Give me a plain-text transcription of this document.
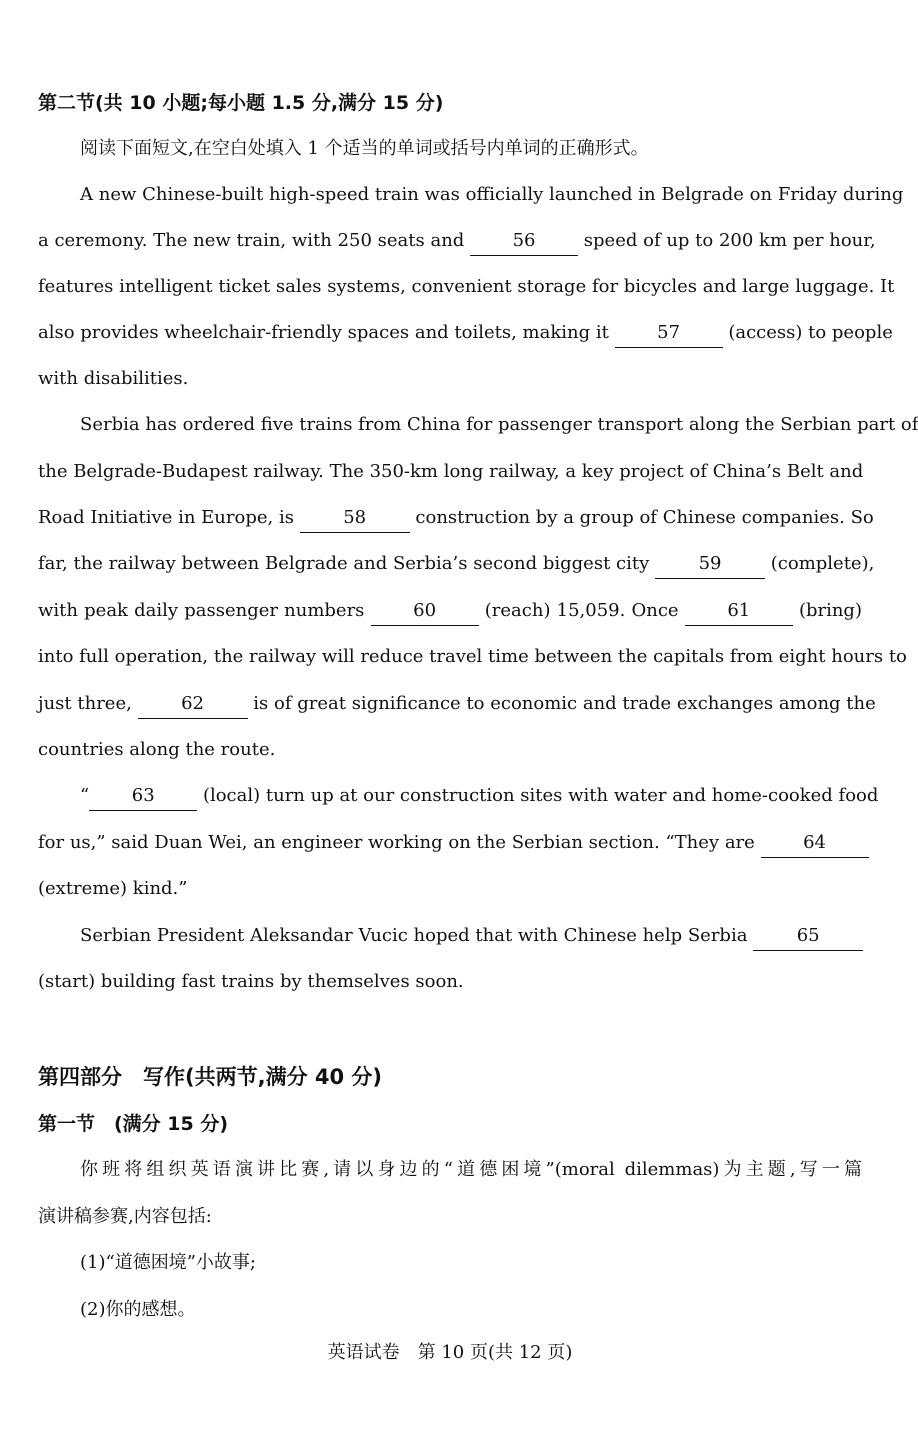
第二节(共 10 小题;每小题 1.5 分,满分 15 分)
阅读下面短文,在空白处填入 1 个适当的单词或括号内单词的正确形式。
A new Chinese-built high-speed train was officially launched in Belgrade on Friday during
a ceremony. The new train, with 250 seats and	56	speed of up to 200 km per hour,
features intelligent ticket sales systems, convenient storage for bicycles and large luggage. It
also provides wheelchair-friendly spaces and toilets, making it	57	(access) to people
with disabilities.
Serbia has ordered five trains from China for passenger transport along the Serbian part of
the Belgrade-Budapest railway. The 350-km long railway, a key project of China’s Belt and
Road Initiative in Europe, is	58	construction by a group of Chinese companies. So
far, the railway between Belgrade and Serbia’s second biggest city	59	(complete),
with peak daily passenger numbers	60	(reach) 15,059. Once	61	(bring)
into full operation, the railway will reduce travel time between the capitals from eight hours to
just three,	62	is of great significance to economic and trade exchanges among the
countries along the route.
“ 63	(local) turn up at our construction sites with water and home-cooked food
for us,” said Duan Wei, an engineer working on the Serbian section. “They are	64
(extreme) kind.”
Serbian President Aleksandar Vucic hoped that with Chinese help Serbia	65
(start) building fast trains by themselves soon.
第四部分　写作(共两节,满分 40 分)
第一节　(满分 15 分)
你班将组织英语演讲比赛,请以身边的“道德困境”(moral dilemmas)为主题,写一篇
演讲稿参赛,内容包括:
(1)“道德困境”小故事;
(2)你的感想。
英语试卷　第 10 页(共 12 页)
